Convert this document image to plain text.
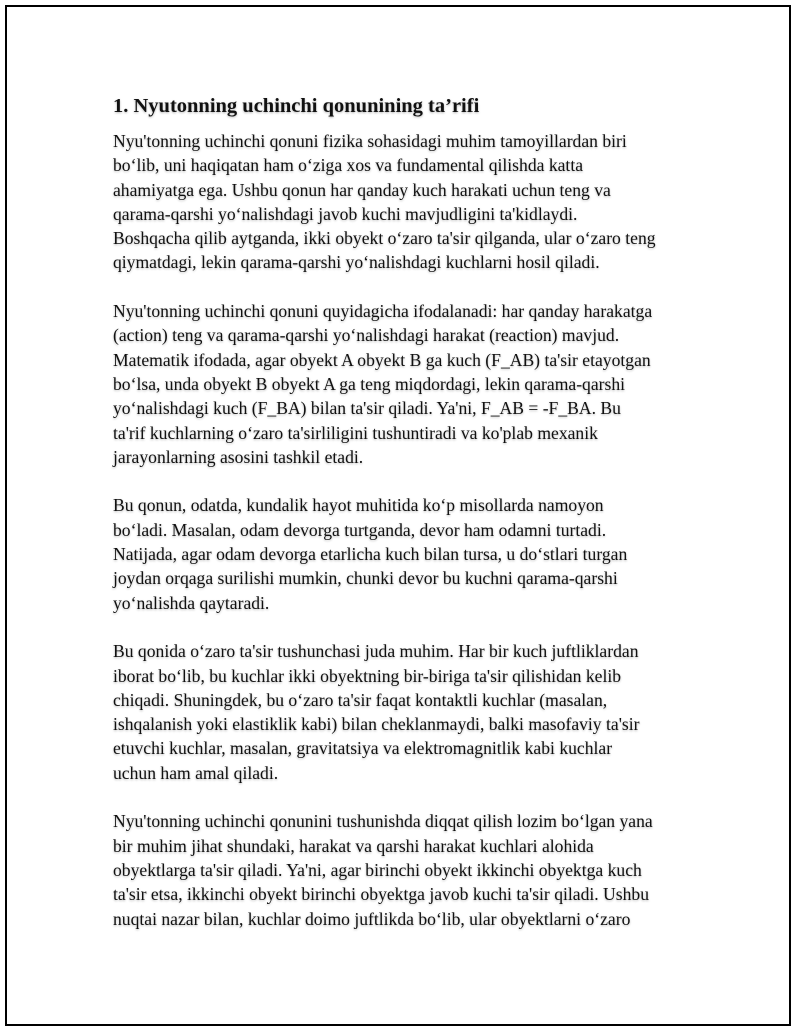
1. Nyutonning uchinchi qonunining ta’rifi
Nyu'tonning uchinchi qonuni fizika sohasidagi muhim tamoyillardan biri
bo‘lib, uni haqiqatan ham o‘ziga xos va fundamental qilishda katta
ahamiyatga ega. Ushbu qonun har qanday kuch harakati uchun teng va
qarama-qarshi yo‘nalishdagi javob kuchi mavjudligini ta'kidlaydi.
Boshqacha qilib aytganda, ikki obyekt o‘zaro ta'sir qilganda, ular o‘zaro teng
qiymatdagi, lekin qarama-qarshi yo‘nalishdagi kuchlarni hosil qiladi.
Nyu'tonning uchinchi qonuni quyidagicha ifodalanadi: har qanday harakatga
(action) teng va qarama-qarshi yo‘nalishdagi harakat (reaction) mavjud.
Matematik ifodada, agar obyekt A obyekt B ga kuch (F_AB) ta'sir etayotgan
bo‘lsa, unda obyekt B obyekt A ga teng miqdordagi, lekin qarama-qarshi
yo‘nalishdagi kuch (F_BA) bilan ta'sir qiladi. Ya'ni, F_AB = -F_BA. Bu
ta'rif kuchlarning o‘zaro ta'sirliligini tushuntiradi va ko'plab mexanik
jarayonlarning asosini tashkil etadi.
Bu qonun, odatda, kundalik hayot muhitida ko‘p misollarda namoyon
bo‘ladi. Masalan, odam devorga turtganda, devor ham odamni turtadi.
Natijada, agar odam devorga etarlicha kuch bilan tursa, u do‘stlari turgan
joydan orqaga surilishi mumkin, chunki devor bu kuchni qarama-qarshi
yo‘nalishda qaytaradi.
Bu qonida o‘zaro ta'sir tushunchasi juda muhim. Har bir kuch juftliklardan
iborat bo‘lib, bu kuchlar ikki obyektning bir-biriga ta'sir qilishidan kelib
chiqadi. Shuningdek, bu o‘zaro ta'sir faqat kontaktli kuchlar (masalan,
ishqalanish yoki elastiklik kabi) bilan cheklanmaydi, balki masofaviy ta'sir
etuvchi kuchlar, masalan, gravitatsiya va elektromagnitlik kabi kuchlar
uchun ham amal qiladi.
Nyu'tonning uchinchi qonunini tushunishda diqqat qilish lozim bo‘lgan yana
bir muhim jihat shundaki, harakat va qarshi harakat kuchlari alohida
obyektlarga ta'sir qiladi. Ya'ni, agar birinchi obyekt ikkinchi obyektga kuch
ta'sir etsa, ikkinchi obyekt birinchi obyektga javob kuchi ta'sir qiladi. Ushbu
nuqtai nazar bilan, kuchlar doimo juftlikda bo‘lib, ular obyektlarni o‘zaro
